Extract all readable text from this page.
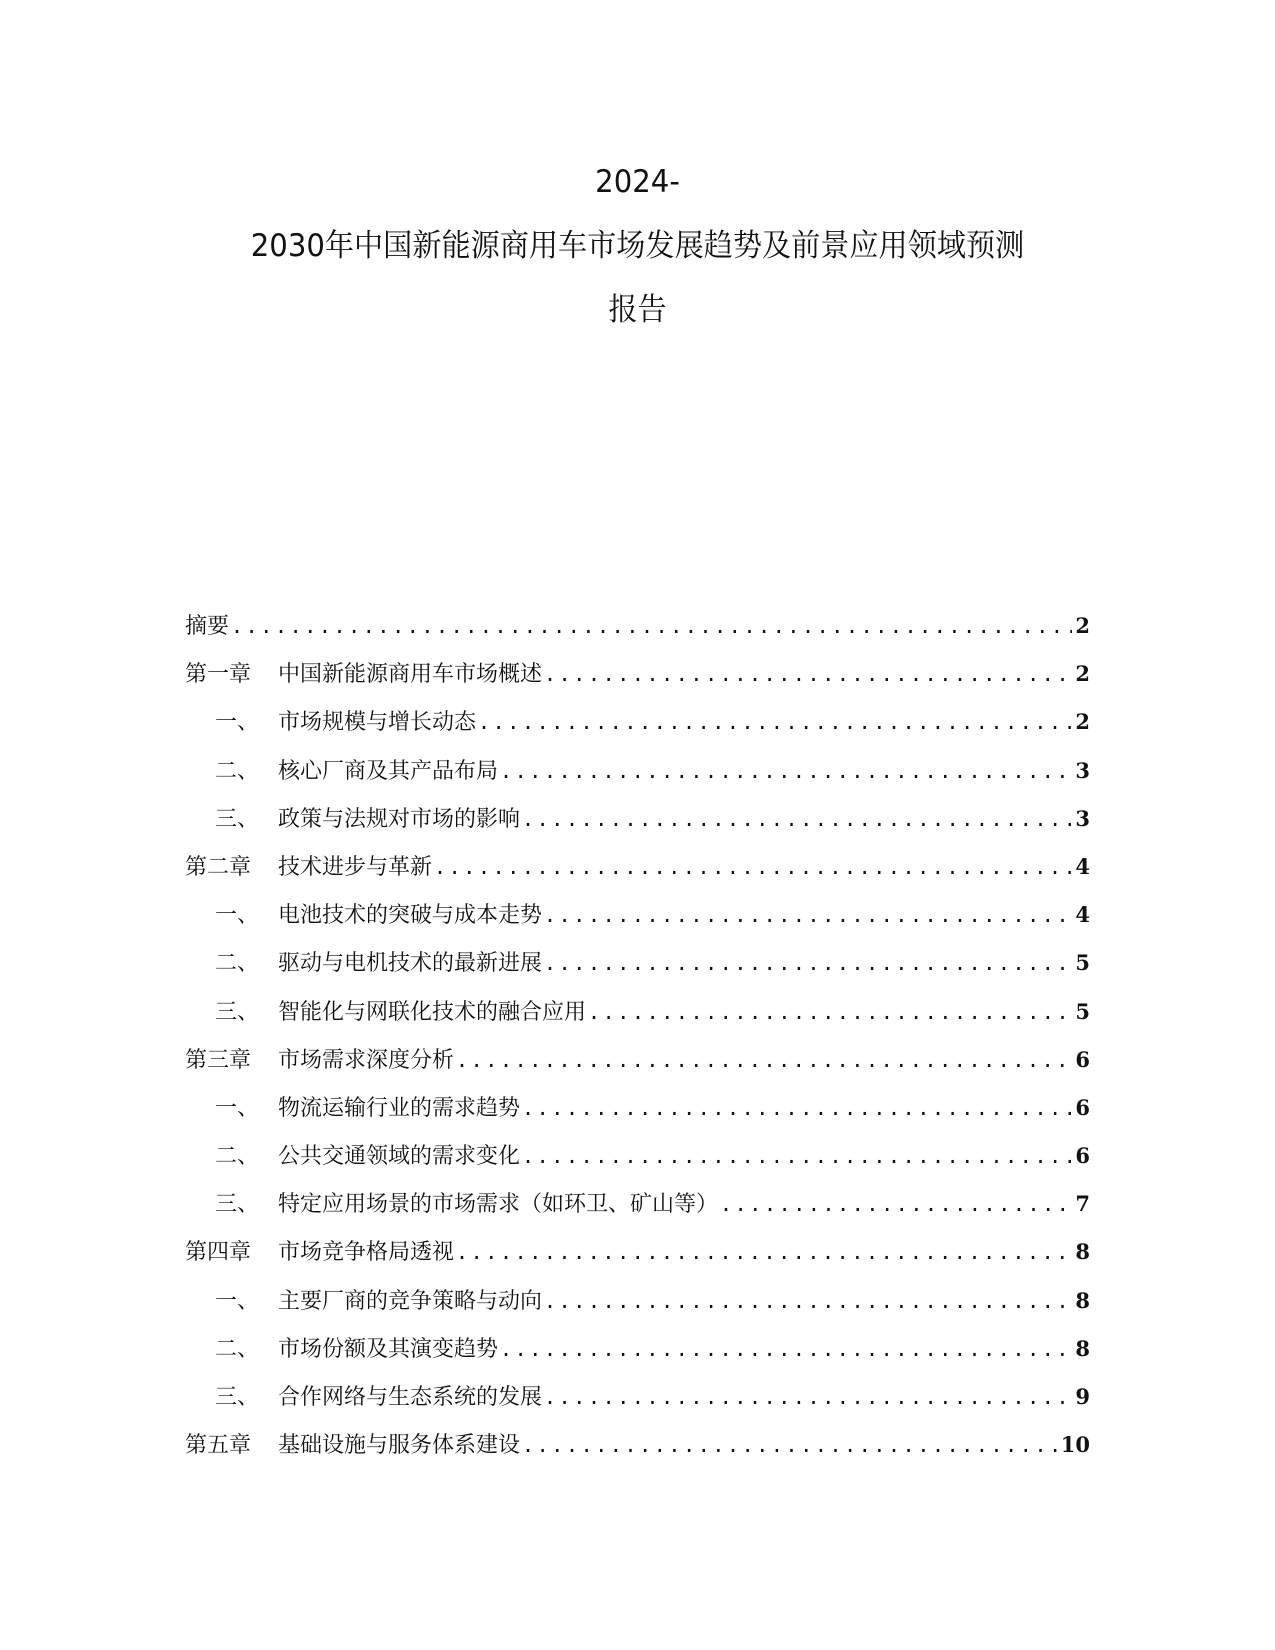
2024-
2030年中国新能源商用车市场发展趋势及前景应用领域预测
报告
摘要 .....	2
第一章	中国新能源商用车市场概述 .....	2
一、 市场规模与增长动态 .....	2
二、 核心厂商及其产品布局 .....	3
三、 政策与法规对市场的影响 .....	3
第二章	技术进步与革新 .....	4
一、 电池技术的突破与成本走势 .....	4
二、 驱动与电机技术的最新进展 .....	5
三、 智能化与网联化技术的融合应用 .....	5
第三章	市场需求深度分析 .....	6
一、 物流运输行业的需求趋势 .....	6
二、 公共交通领域的需求变化 .....	6
三、 特定应用场景的市场需求（如环卫、矿山等） .....	7
第四章	市场竞争格局透视 .....	8
一、 主要厂商的竞争策略与动向 .....	8
二、 市场份额及其演变趋势 .....	8
三、 合作网络与生态系统的发展 .....	9
第五章	基础设施与服务体系建设 .....	10
